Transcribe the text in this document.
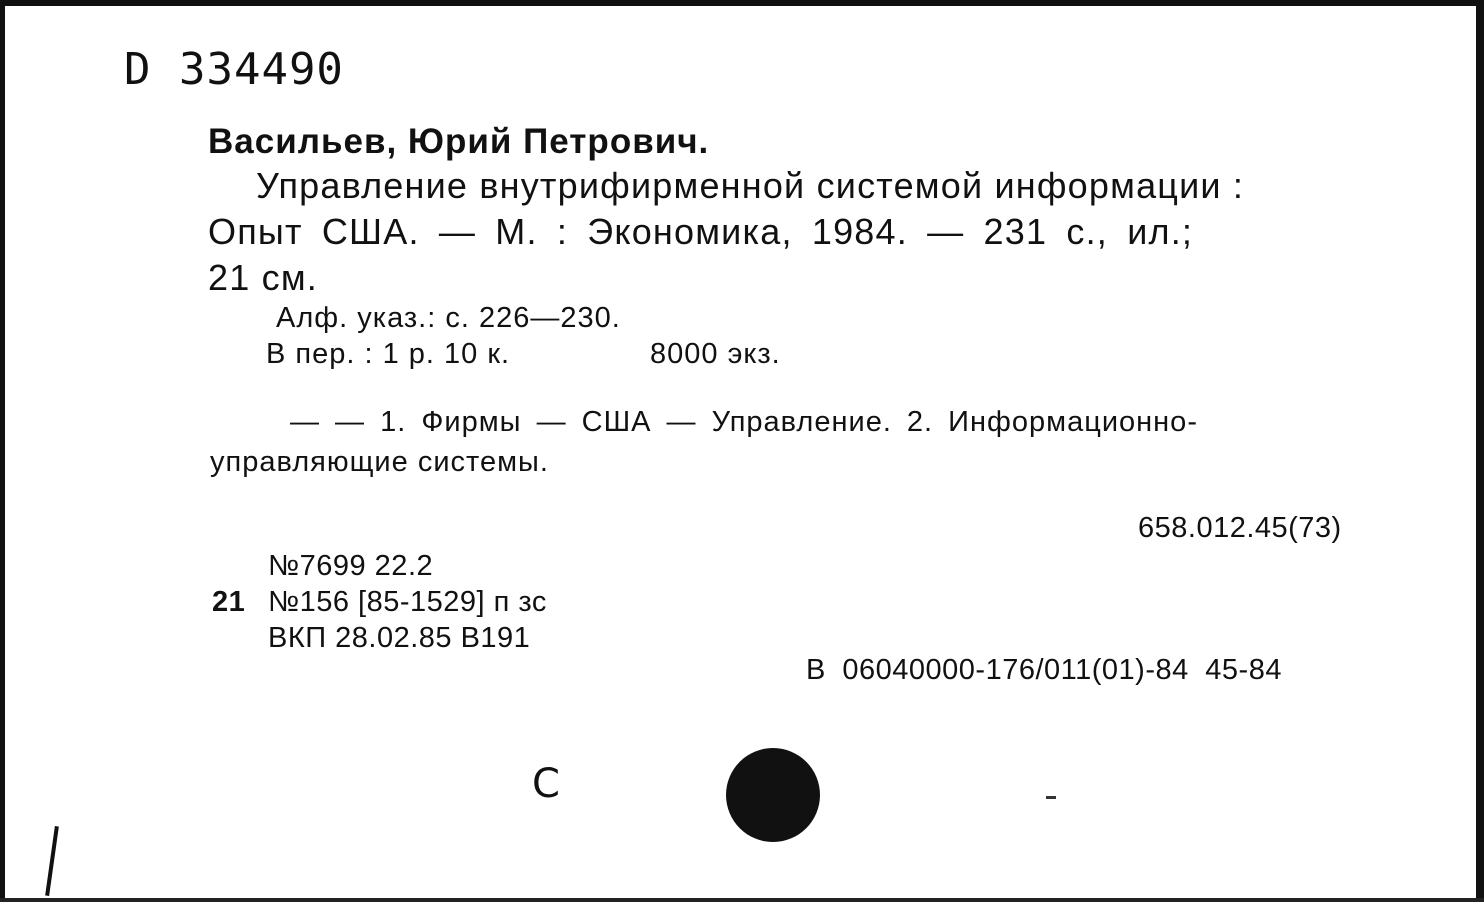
D 334490
Васильев, Юрий Петрович.
Управление внутрифирменной системой информации :
Опыт США. — М. : Экономика, 1984. — 231 с., ил.;
21 см.
Алф. указ.: с. 226—230.
В пер. : 1 р. 10 к.	8000 экз.
— — 1. Фирмы — США — Управление. 2. Информационно-
управляющие системы.
658.012.45(73)
№7699 22.2
21 №156 [85-1529] п зс
ВКП 28.02.85 В191
В 06040000-176/011(01)-84 45-84
С
